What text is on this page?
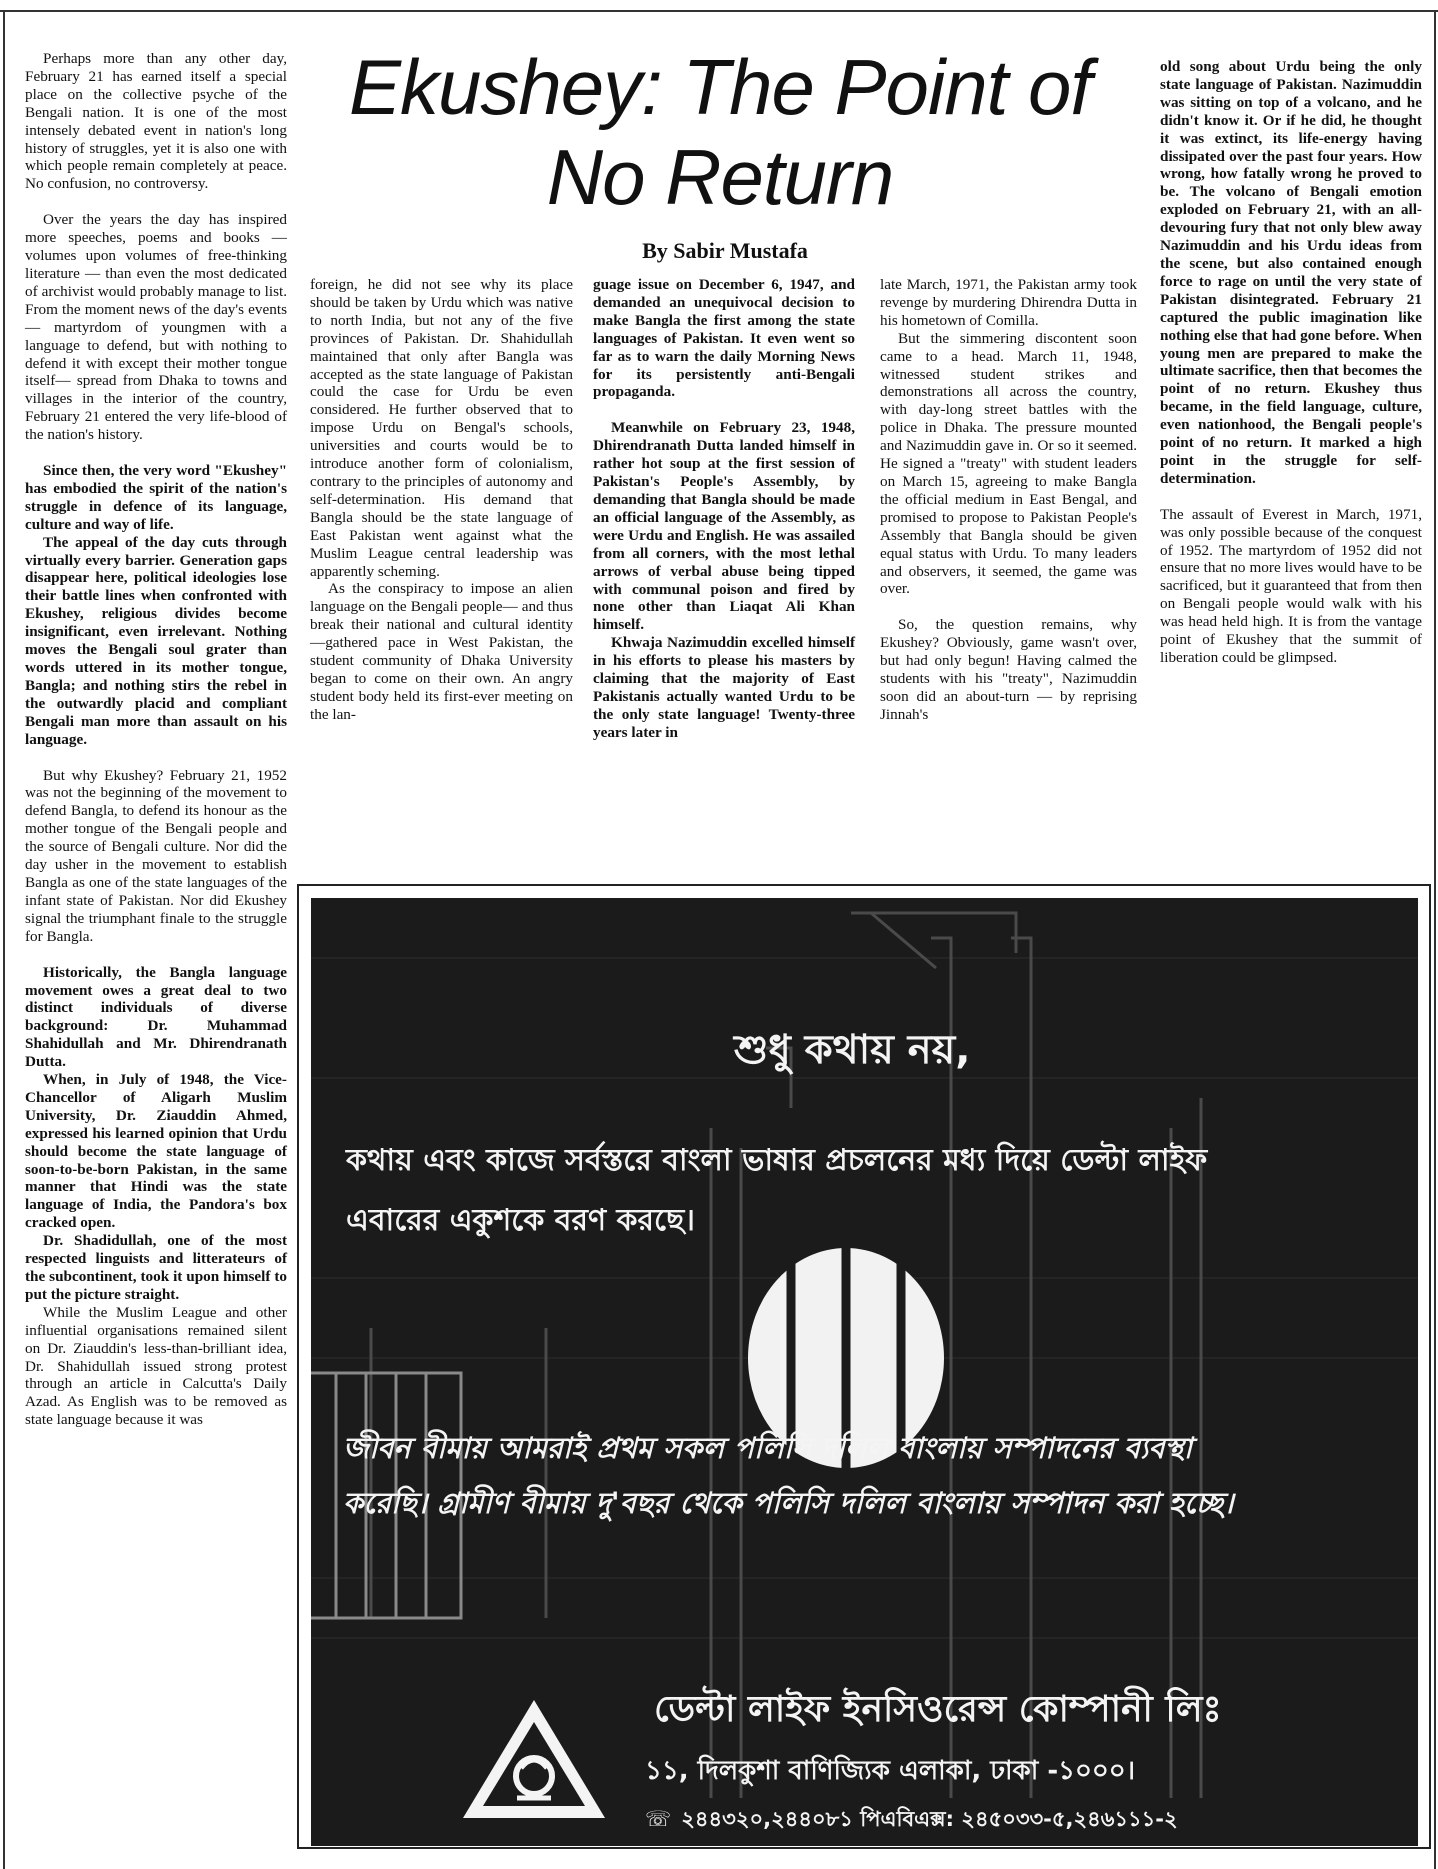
Ekushey: The Point of No Return

By Sabir Mustafa

Perhaps more than any other day, February 21 has earned itself a special place on the collective psyche of the Bengali nation. It is one of the most intensely debated event in nation's long history of struggles, yet it is also one with which people remain completely at peace. No confusion, no controversy.

Over the years the day has inspired more speeches, poems and books — volumes upon volumes of free-thinking literature — than even the most dedicated of archivist would probably manage to list. From the moment news of the day's events — martyrdom of youngmen with a language to defend, but with nothing to defend it with except their mother tongue itself— spread from Dhaka to towns and villages in the interior of the country, February 21 entered the very life-blood of the nation's history.

Since then, the very word "Ekushey" has embodied the spirit of the nation's struggle in defence of its language, culture and way of life.

The appeal of the day cuts through virtually every barrier. Generation gaps disappear here, political ideologies lose their battle lines when confronted with Ekushey, religious divides become insignificant, even irrelevant. Nothing moves the Bengali soul grater than words uttered in its mother tongue, Bangla; and nothing stirs the rebel in the outwardly placid and compliant Bengali man more than assault on his language.

But why Ekushey? February 21, 1952 was not the beginning of the movement to defend Bangla, to defend its honour as the mother tongue of the Bengali people and the source of Bengali culture. Nor did the day usher in the movement to establish Bangla as one of the state languages of the infant state of Pakistan. Nor did Ekushey signal the triumphant finale to the struggle for Bangla.

Historically, the Bangla language movement owes a great deal to two distinct individuals of diverse background: Dr. Muhammad Shahidullah and Mr. Dhirendranath Dutta.

When, in July of 1948, the Vice-Chancellor of Aligarh Muslim University, Dr. Ziauddin Ahmed, expressed his learned opinion that Urdu should become the state language of soon-to-be-born Pakistan, in the same manner that Hindi was the state language of India, the Pandora's box cracked open.

Dr. Shadidullah, one of the most respected linguists and litterateurs of the subcontinent, took it upon himself to put the picture straight.

While the Muslim League and other influential organisations remained silent on Dr. Ziauddin's less-than-brilliant idea, Dr. Shahidullah issued strong protest through an article in Calcutta's Daily Azad. As English was to be removed as state language because it was

foreign, he did not see why its place should be taken by Urdu which was native to north India, but not any of the five provinces of Pakistan. Dr. Shahidullah maintained that only after Bangla was accepted as the state language of Pakistan could the case for Urdu be even considered. He further observed that to impose Urdu on Bengal's schools, universities and courts would be to introduce another form of colonialism, contrary to the principles of autonomy and self-determination. His demand that Bangla should be the state language of East Pakistan went against what the Muslim League central leadership was apparently scheming.

As the conspiracy to impose an alien language on the Bengali people— and thus break their national and cultural identity —gathered pace in West Pakistan, the student community of Dhaka University began to come on their own. An angry student body held its first-ever meeting on the lan-

guage issue on December 6, 1947, and demanded an unequivocal decision to make Bangla the first among the state languages of Pakistan. It even went so far as to warn the daily Morning News for its persistently anti-Bengali propaganda.

Meanwhile on February 23, 1948, Dhirendranath Dutta landed himself in rather hot soup at the first session of Pakistan's People's Assembly, by demanding that Bangla should be made an official language of the Assembly, as were Urdu and English. He was assailed from all corners, with the most lethal arrows of verbal abuse being tipped with communal poison and fired by none other than Liaqat Ali Khan himself.

Khwaja Nazimuddin excelled himself in his efforts to please his masters by claiming that the majority of East Pakistanis actually wanted Urdu to be the only state language! Twenty-three years later in

late March, 1971, the Pakistan army took revenge by murdering Dhirendra Dutta in his hometown of Comilla.

But the simmering discontent soon came to a head. March 11, 1948, witnessed student strikes and demonstrations all across the country, with day-long street battles with the police in Dhaka. The pressure mounted and Nazimuddin gave in. Or so it seemed. He signed a "treaty" with student leaders on March 15, agreeing to make Bangla the official medium in East Bengal, and promised to propose to Pakistan People's Assembly that Bangla should be given equal status with Urdu. To many leaders and observers, it seemed, the game was over.

So, the question remains, why Ekushey? Obviously, game wasn't over, but had only begun! Having calmed the students with his "treaty", Nazimuddin soon did an about-turn — by reprising Jinnah's

old song about Urdu being the only state language of Pakistan. Nazimuddin was sitting on top of a volcano, and he didn't know it. Or if he did, he thought it was extinct, its life-energy having dissipated over the past four years. How wrong, how fatally wrong he proved to be. The volcano of Bengali emotion exploded on February 21, with an all-devouring fury that not only blew away Nazimuddin and his Urdu ideas from the scene, but also contained enough force to rage on until the very state of Pakistan disintegrated. February 21 captured the public imagination like nothing else that had gone before. When young men are prepared to make the ultimate sacrifice, then that becomes the point of no return. Ekushey thus became, in the field language, culture, even nationhood, the Bengali people's point of no return. It marked a high point in the struggle for self-determination.

The assault of Everest in March, 1971, was only possible because of the conquest of 1952. The martyrdom of 1952 did not ensure that no more lives would have to be sacrificed, but it guaranteed that from then on Bengali people would walk with his was head held high. It is from the vantage point of Ekushey that the summit of liberation could be glimpsed.

শুধু কথায় নয়,

কথায় এবং কাজে সর্বস্তরে বাংলা ভাষার প্রচলনের মধ্য দিয়ে ডেল্টা লাইফ

এবারের একুশকে বরণ করছে।

জীবন বীমায় আমরাই প্রথম সকল পলিসি দলিল বাংলায় সম্পাদনের ব্যবস্থা

করেছি। গ্রামীণ বীমায় দু'বছর থেকে পলিসি দলিল বাংলায় সম্পাদন করা হচ্ছে।

ডেল্টা লাইফ ইনসিওরেন্স কোম্পানী লিঃ

১১, দিলকুশা বাণিজ্যিক এলাকা, ঢাকা -১০০০।

☏ ২৪৪৩২০,২৪৪০৮১ পিএবিএক্স: ২৪৫০৩৩-৫,২৪৬১১১-২
